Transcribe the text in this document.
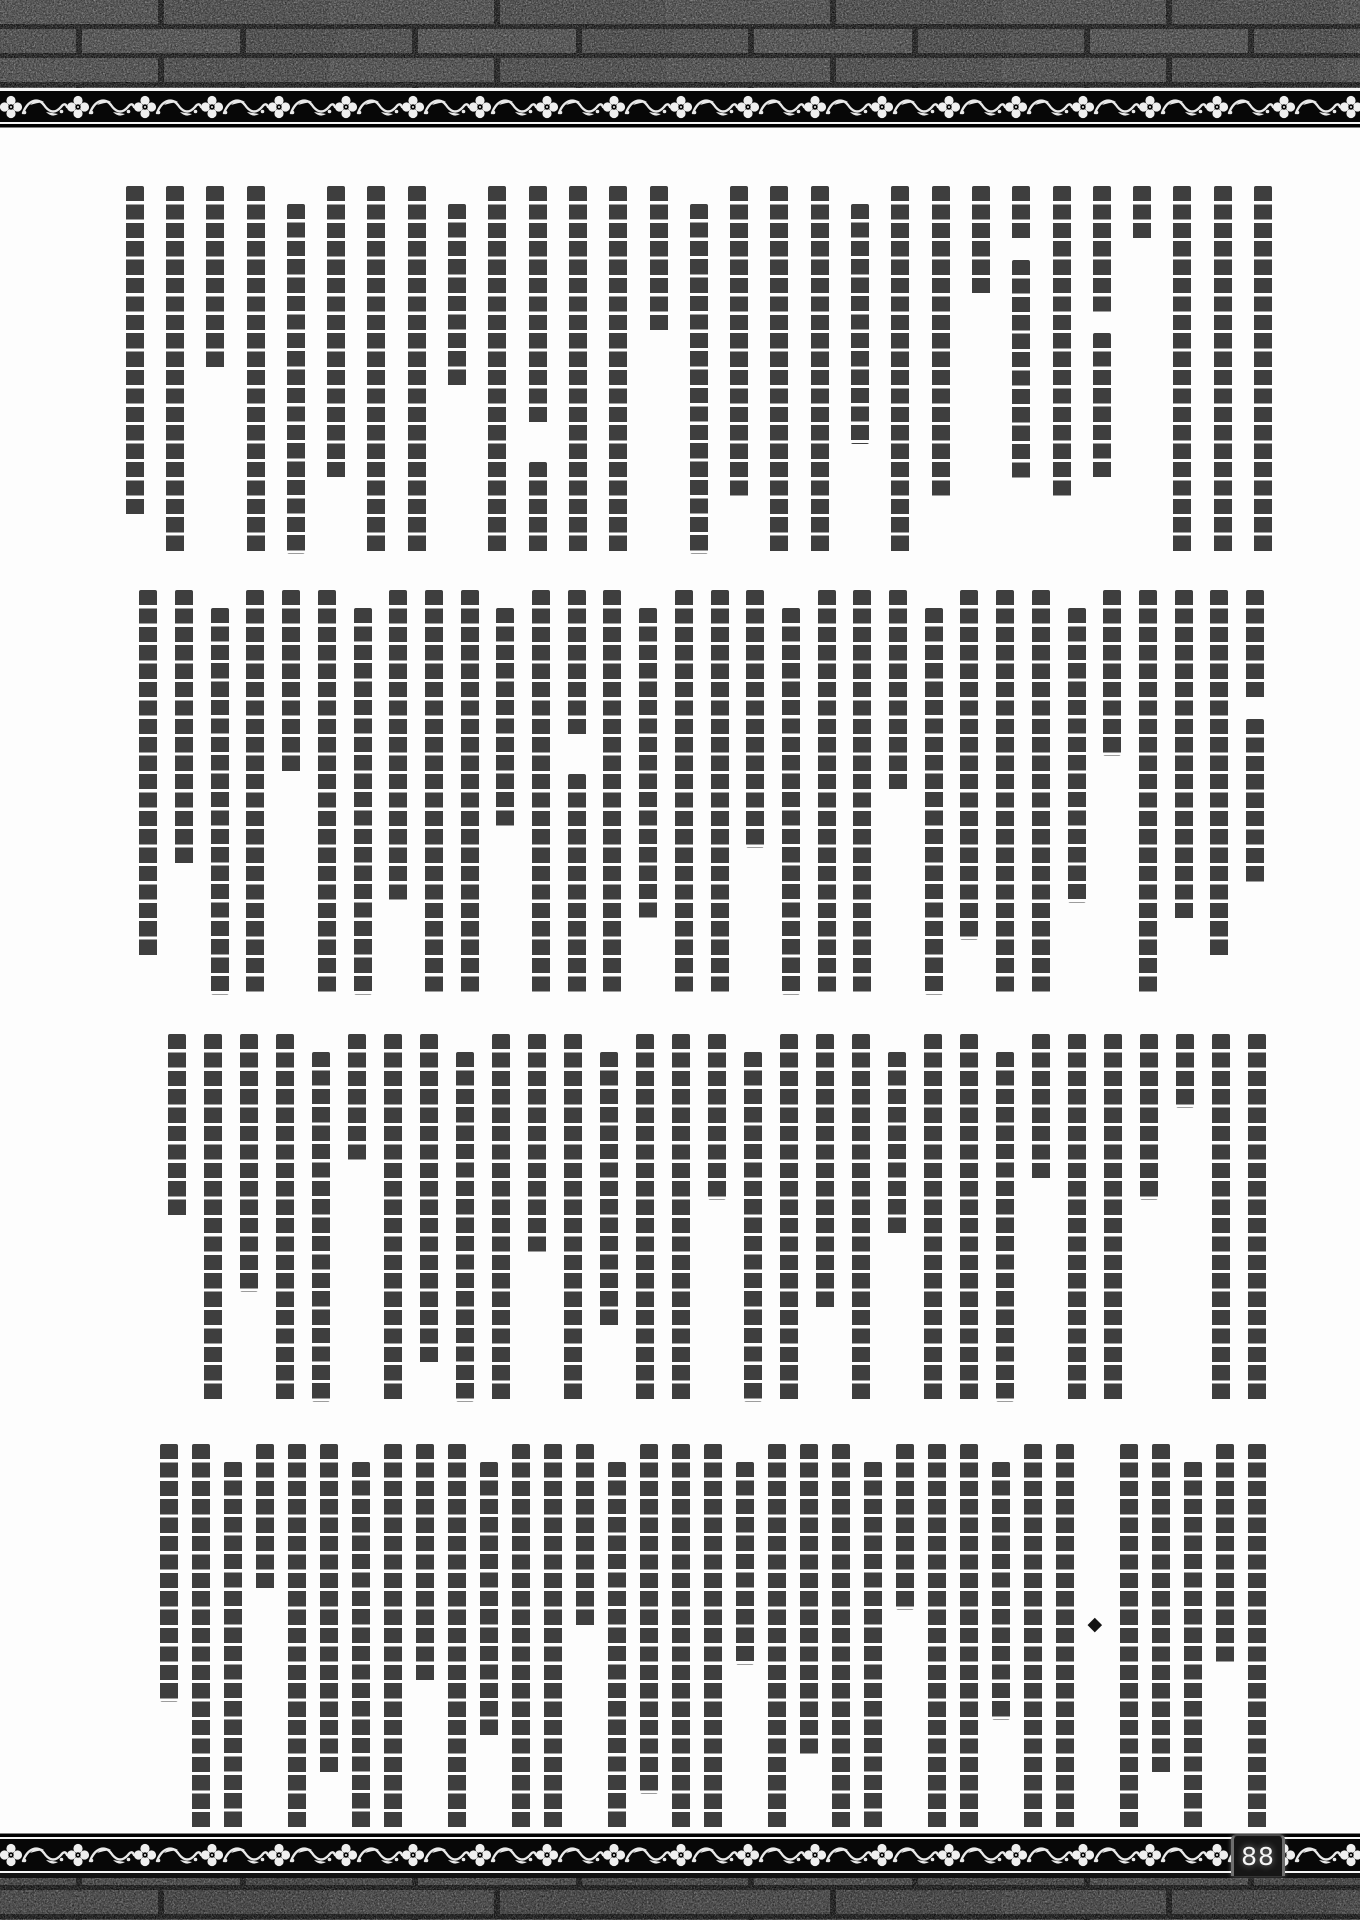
◆
88
